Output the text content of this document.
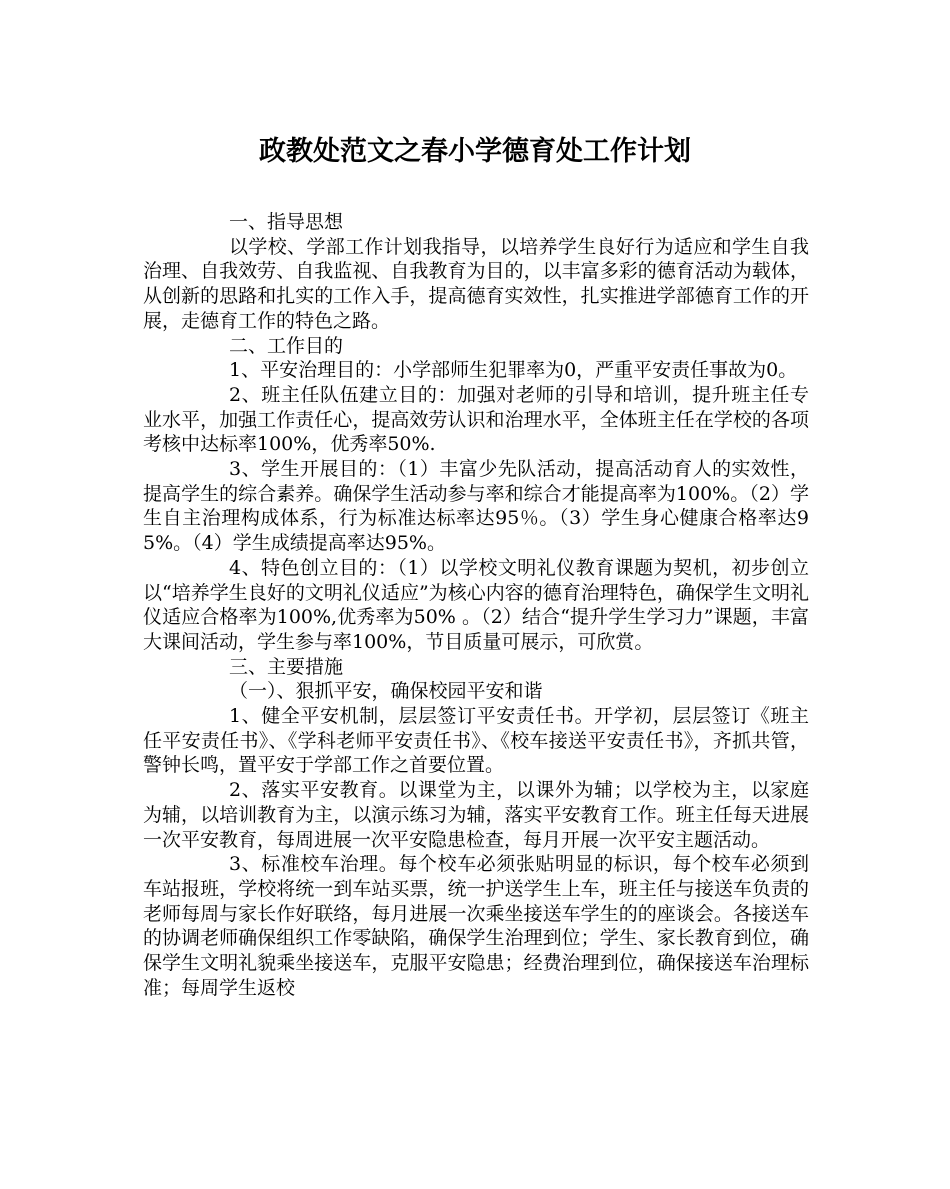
政教处范文之春小学德育处工作计划

一、指导思想

以学校、学部工作计划我指导，以培养学生良好行为适应和学生自我治理、自我效劳、自我监视、自我教育为目的，以丰富多彩的德育活动为载体，从创新的思路和扎实的工作入手，提高德育实效性，扎实推进学部德育工作的开展，走德育工作的特色之路。

二、工作目的

1、平安治理目的：小学部师生犯罪率为0，严重平安责任事故为0。

2、班主任队伍建立目的：加强对老师的引导和培训，提升班主任专业水平，加强工作责任心，提高效劳认识和治理水平，全体班主任在学校的各项考核中达标率100%，优秀率50%.

3、学生开展目的：（1）丰富少先队活动，提高活动育人的实效性，提高学生的综合素养。确保学生活动参与率和综合才能提高率为100%。（2）学生自主治理构成体系，行为标准达标率达95％。（3）学生身心健康合格率达95%。（4）学生成绩提高率达95%。

4、特色创立目的：（1）以学校文明礼仪教育课题为契机，初步创立以“培养学生良好的文明礼仪适应”为核心内容的德育治理特色，确保学生文明礼仪适应合格率为100%,优秀率为50% 。（2）结合“提升学生学习力”课题，丰富大课间活动，学生参与率100%，节目质量可展示，可欣赏。

三、主要措施

（一）、狠抓平安，确保校园平安和谐

1、健全平安机制，层层签订平安责任书。开学初，层层签订《班主任平安责任书》、《学科老师平安责任书》、《校车接送平安责任书》，齐抓共管，警钟长鸣，置平安于学部工作之首要位置。

2、落实平安教育。以课堂为主，以课外为辅；以学校为主，以家庭为辅，以培训教育为主，以演示练习为辅，落实平安教育工作。班主任每天进展一次平安教育，每周进展一次平安隐患检查，每月开展一次平安主题活动。

3、标准校车治理。每个校车必须张贴明显的标识，每个校车必须到车站报班，学校将统一到车站买票，统一护送学生上车，班主任与接送车负责的老师每周与家长作好联络，每月进展一次乘坐接送车学生的的座谈会。各接送车的协调老师确保组织工作零缺陷，确保学生治理到位；学生、家长教育到位，确保学生文明礼貌乘坐接送车，克服平安隐患；经费治理到位，确保接送车治理标准；每周学生返校
